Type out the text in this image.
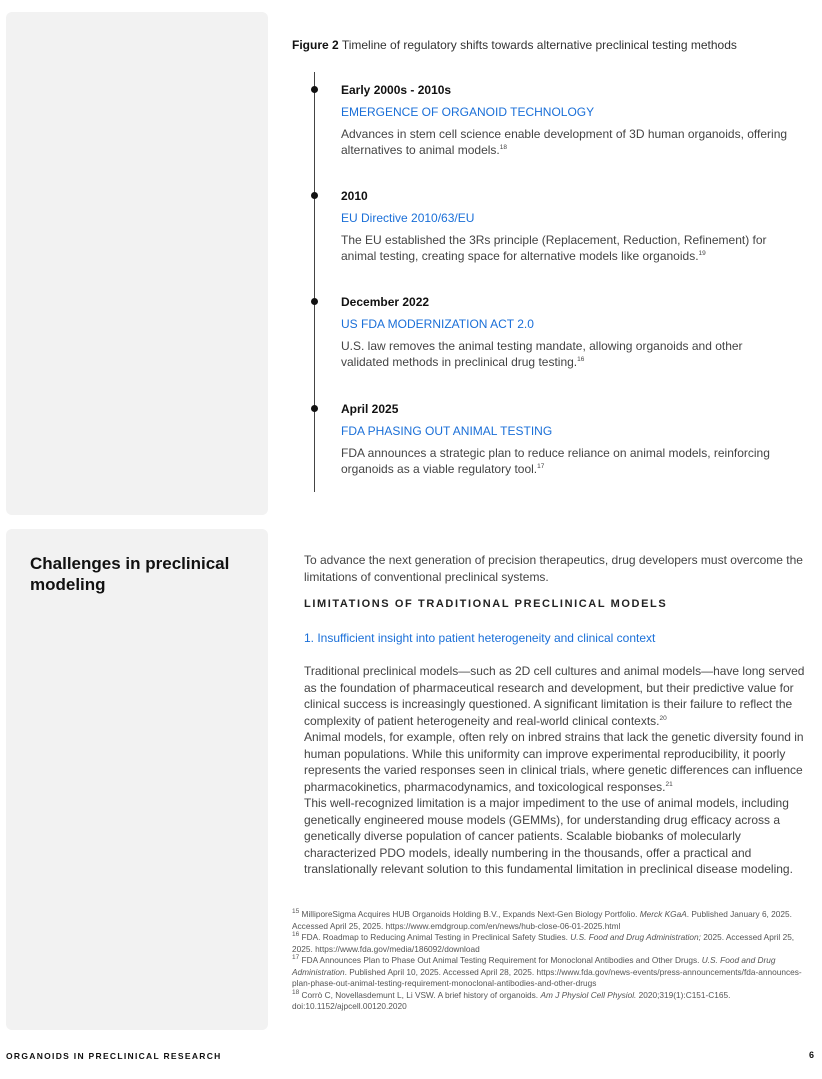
Figure 2 Timeline of regulatory shifts towards alternative preclinical testing methods
Early 2000s - 2010s
EMERGENCE OF ORGANOID TECHNOLOGY
Advances in stem cell science enable development of 3D human organoids, offering alternatives to animal models.$^{18}$
2010
EU Directive 2010/63/EU
The EU established the 3Rs principle (Replacement, Reduction, Refinement) for animal testing, creating space for alternative models like organoids.$^{19}$
December 2022
US FDA MODERNIZATION ACT 2.0
U.S. law removes the animal testing mandate, allowing organoids and other validated methods in preclinical drug testing.$^{16}$
April 2025
FDA PHASING OUT ANIMAL TESTING
FDA announces a strategic plan to reduce reliance on animal models, reinforcing organoids as a viable regulatory tool.$^{17}$
Challenges in preclinical modeling
To advance the next generation of precision therapeutics, drug developers must overcome the limitations of conventional preclinical systems.
LIMITATIONS OF TRADITIONAL PRECLINICAL MODELS
1. Insufficient insight into patient heterogeneity and clinical context
Traditional preclinical models—such as 2D cell cultures and animal models—have long served as the foundation of pharmaceutical research and development, but their predictive value for clinical success is increasingly questioned. A significant limitation is their failure to reflect the complexity of patient heterogeneity and real-world clinical contexts.$^{20}$
Animal models, for example, often rely on inbred strains that lack the genetic diversity found in human populations. While this uniformity can improve experimental reproducibility, it poorly represents the varied responses seen in clinical trials, where genetic differences can influence pharmacokinetics, pharmacodynamics, and toxicological responses.$^{21}$
This well-recognized limitation is a major impediment to the use of animal models, including genetically engineered mouse models (GEMMs), for understanding drug efficacy across a genetically diverse population of cancer patients. Scalable biobanks of molecularly characterized PDO models, ideally numbering in the thousands, offer a practical and translationally relevant solution to this fundamental limitation in preclinical disease modeling.
$^{15}$ MilliporeSigma Acquires HUB Organoids Holding B.V., Expands Next-Gen Biology Portfolio. Merck KGaA. Published January 6, 2025. Accessed April 25, 2025. https://www.emdgroup.com/en/news/hub-close-06-01-2025.html
$^{16}$ FDA. Roadmap to Reducing Animal Testing in Preclinical Safety Studies. U.S. Food and Drug Administration; 2025. Accessed April 25, 2025. https://www.fda.gov/media/186092/download
$^{17}$ FDA Announces Plan to Phase Out Animal Testing Requirement for Monoclonal Antibodies and Other Drugs. U.S. Food and Drug Administration. Published April 10, 2025. Accessed April 28, 2025. https://www.fda.gov/news-events/press-announcements/fda-announces-plan-phase-out-animal-testing-requirement-monoclonal-antibodies-and-other-drugs
$^{18}$ Corrò C, Novellasdemunt L, Li VSW. A brief history of organoids. Am J Physiol Cell Physiol. 2020;319(1):C151-C165. doi:10.1152/ajpcell.00120.2020
ORGANOIDS IN PRECLINICAL RESEARCH	6
